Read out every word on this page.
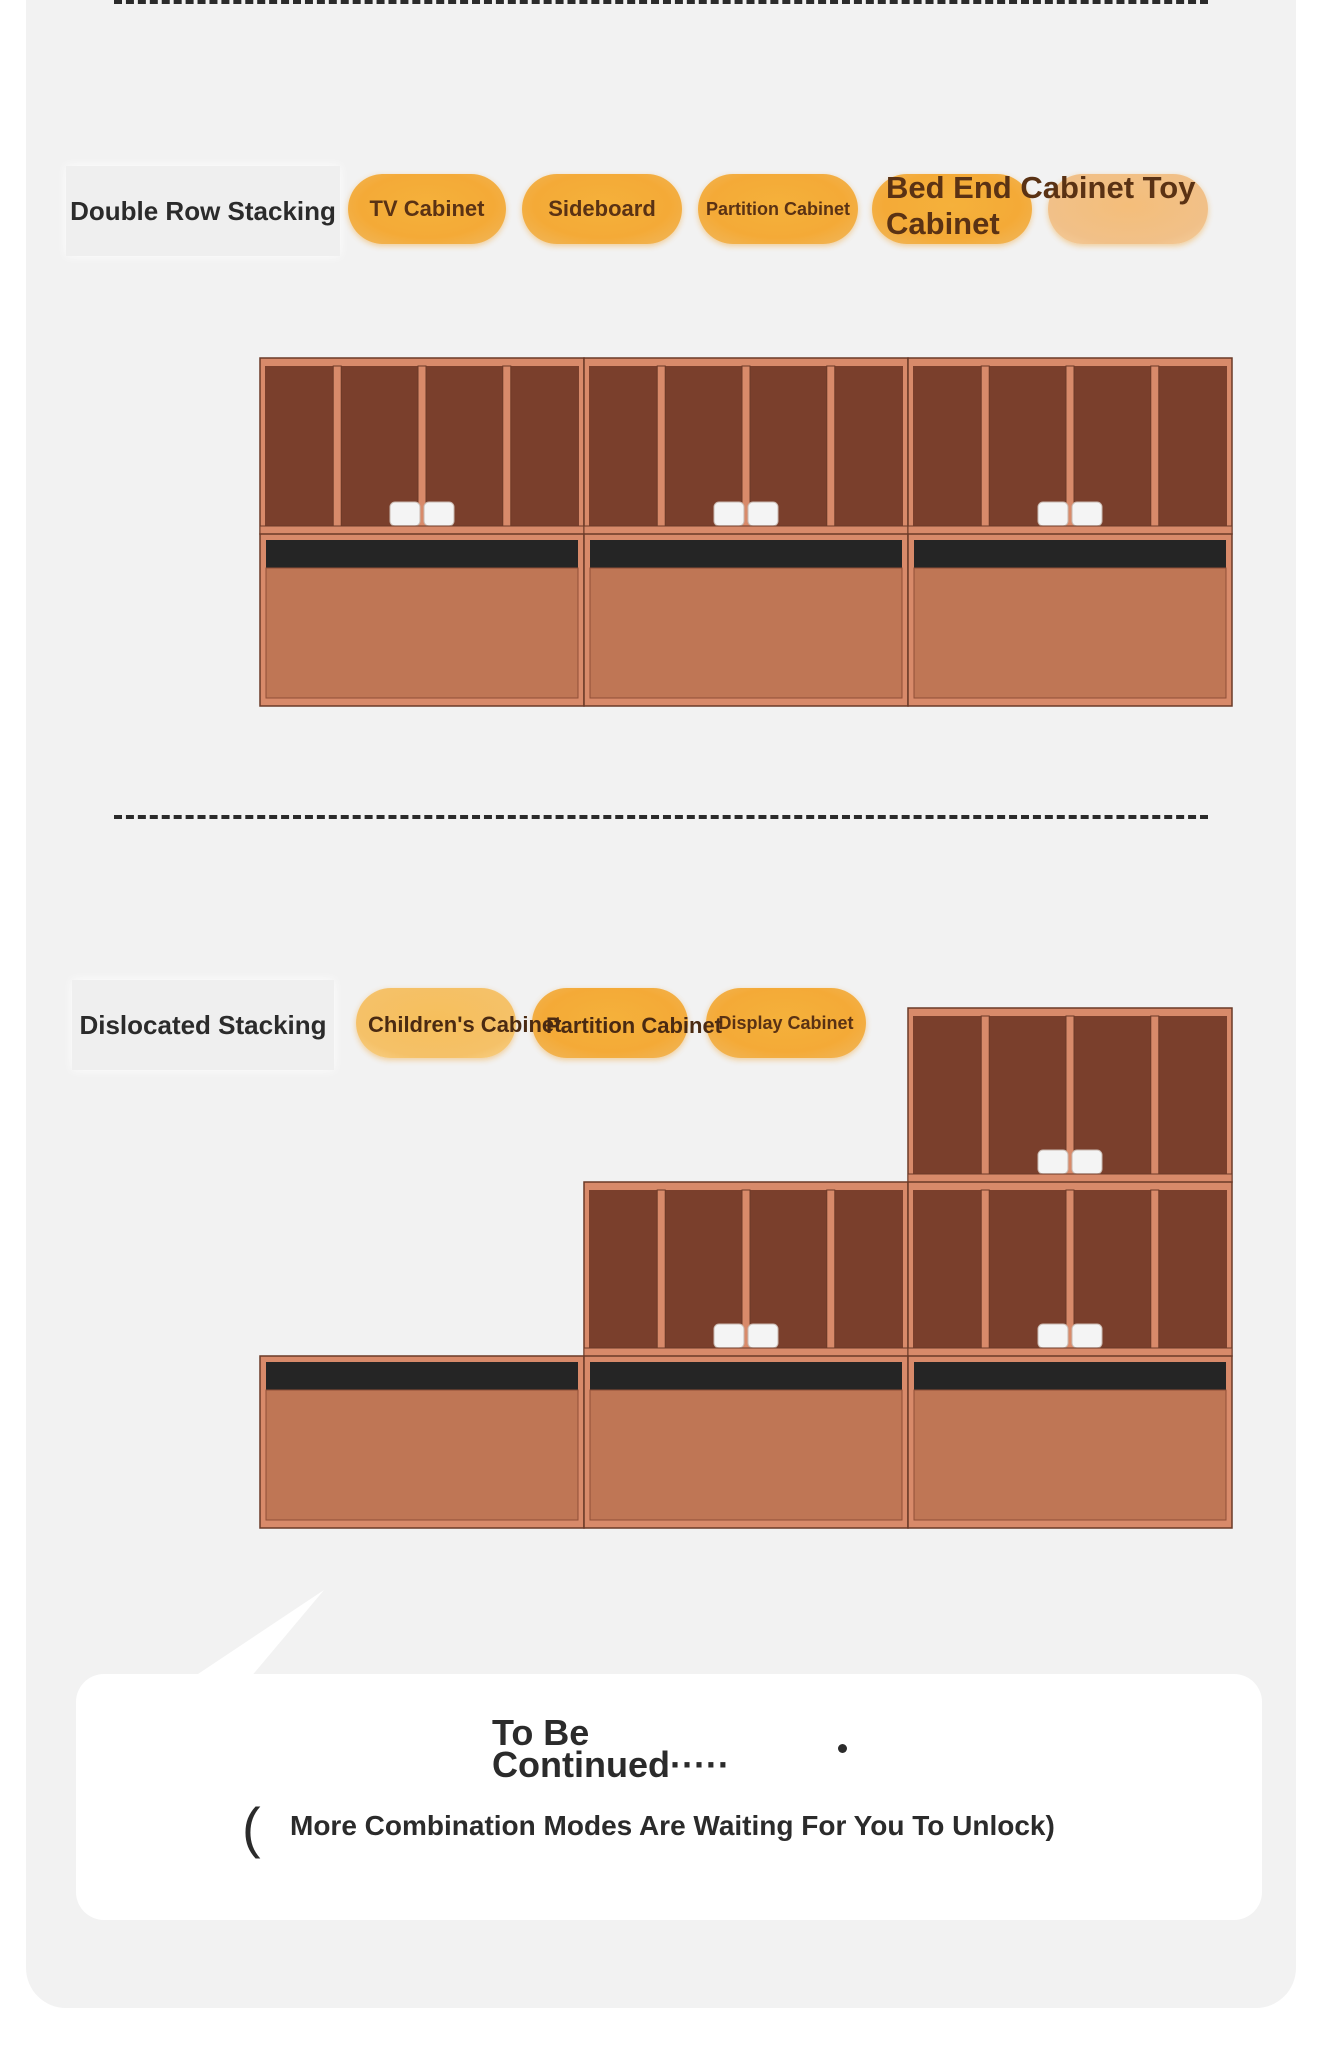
Double Row Stacking	TV Cabinet	Sideboard	Partition Cabinet
Bed End Cabinet Toy Cabinet
Dislocated Stacking	Display Cabinet
Children's Cabinet
Partition Cabinet
To Be
Continued·····
( More Combination Modes Are Waiting For You To Unlock)
